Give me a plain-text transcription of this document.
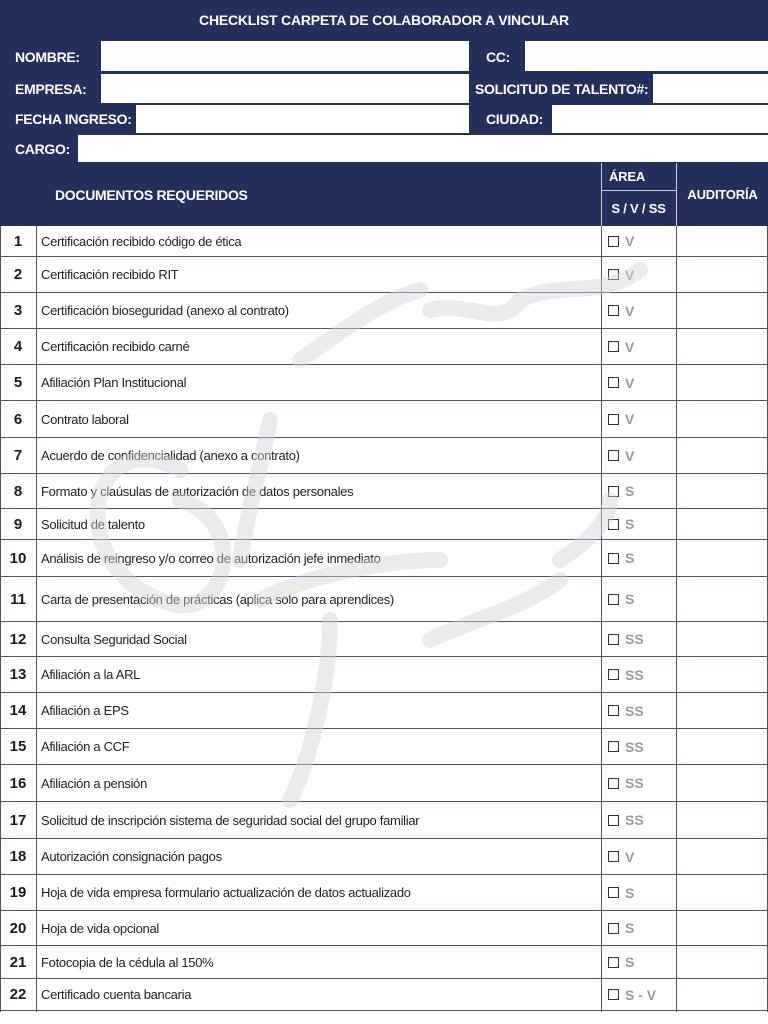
CHECKLIST CARPETA DE COLABORADOR A VINCULAR
NOMBRE:	CC:
EMPRESA:	SOLICITUD DE TALENTO#:
FECHA INGRESO:	CIUDAD:
CARGO:
DOCUMENTOS REQUERIDOS
ÁREA
S / V / SS
AUDITORÍA
1	Certificación recibido código de ética	V
2	Certificación recibido RIT	V
3	Certificación bioseguridad (anexo al contrato)	V
4	Certificación recibido carné	V
5	Afiliación Plan Institucional	V
6	Contrato laboral	V
7	Acuerdo de confidencialidad (anexo a contrato)	V
8	Formato y claúsulas de autorización de datos personales	S
9	Solicitud de talento	S
10	Análisis de reingreso y/o correo de autorización jefe inmediato	S
11	Carta de presentación de prácticas (aplica solo para aprendices)	S
12	Consulta Seguridad Social	SS
13	Afiliación a la ARL	SS
14	Afiliación a EPS	SS
15	Afiliación a CCF	SS
16	Afiliación a pensión	SS
17	Solicitud de inscripción sistema de seguridad social del grupo familiar	SS
18	Autorización consignación pagos	V
19	Hoja de vida empresa formulario actualización de datos actualizado	S
20	Hoja de vida opcional	S
21	Fotocopia de la cédula al 150%	S
22	Certificado cuenta bancaria	S - V
